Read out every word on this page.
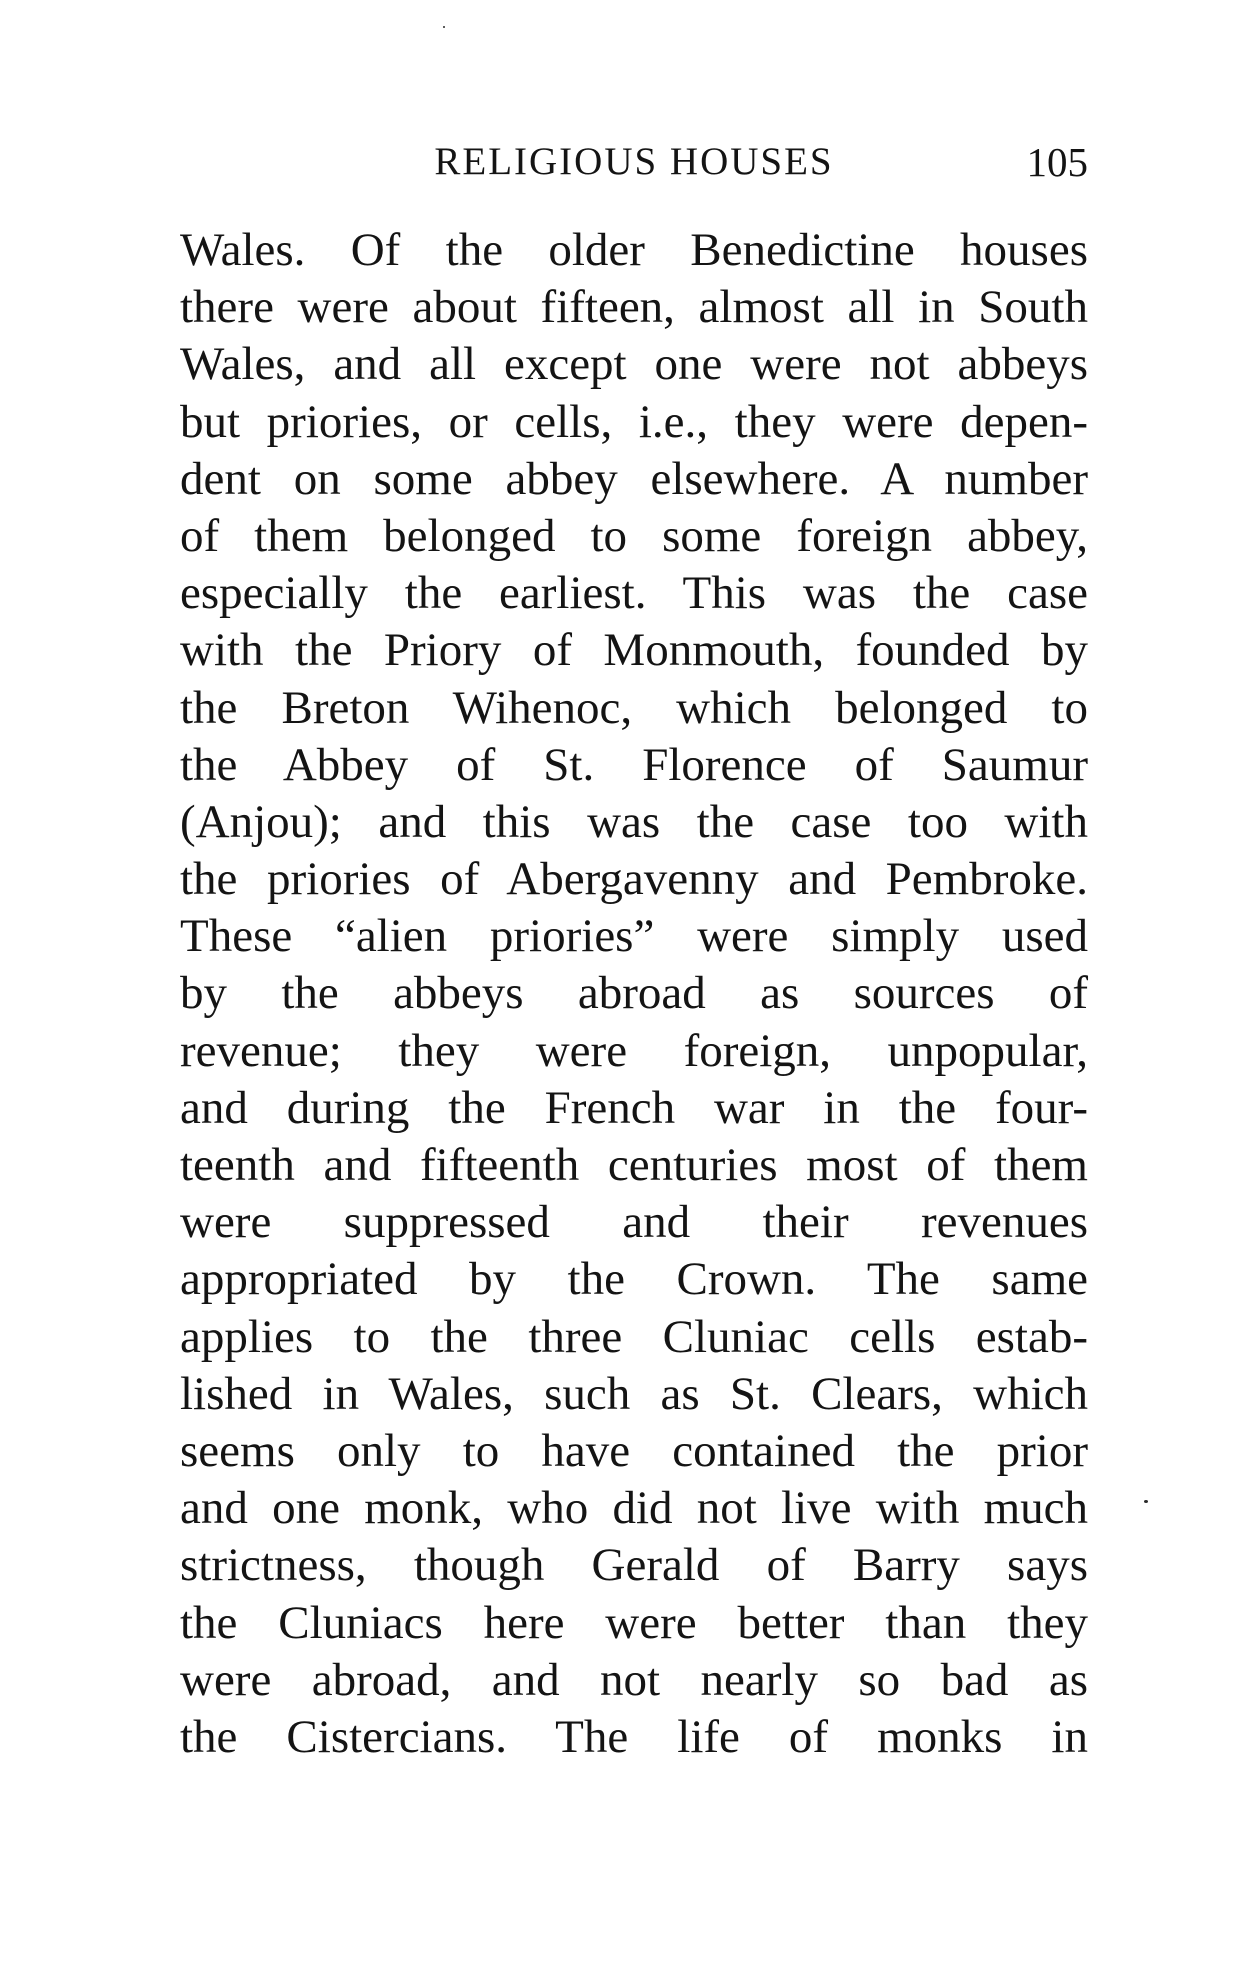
RELIGIOUS HOUSES	105
Wales. Of the older Benedictine houses
there were about fifteen, almost all in South
Wales, and all except one were not abbeys
but priories, or cells, i.e., they were depen-
dent on some abbey elsewhere. A number
of them belonged to some foreign abbey,
especially the earliest. This was the case
with the Priory of Monmouth, founded by
the Breton Wihenoc, which belonged to
the Abbey of St. Florence of Saumur
(Anjou); and this was the case too with
the priories of Abergavenny and Pembroke.
These “alien priories” were simply used
by the abbeys abroad as sources of
revenue; they were foreign, unpopular,
and during the French war in the four-
teenth and fifteenth centuries most of them
were suppressed and their revenues
appropriated by the Crown. The same
applies to the three Cluniac cells estab-
lished in Wales, such as St. Clears, which
seems only to have contained the prior
and one monk, who did not live with much
strictness, though Gerald of Barry says
the Cluniacs here were better than they
were abroad, and not nearly so bad as
the Cistercians. The life of monks in
